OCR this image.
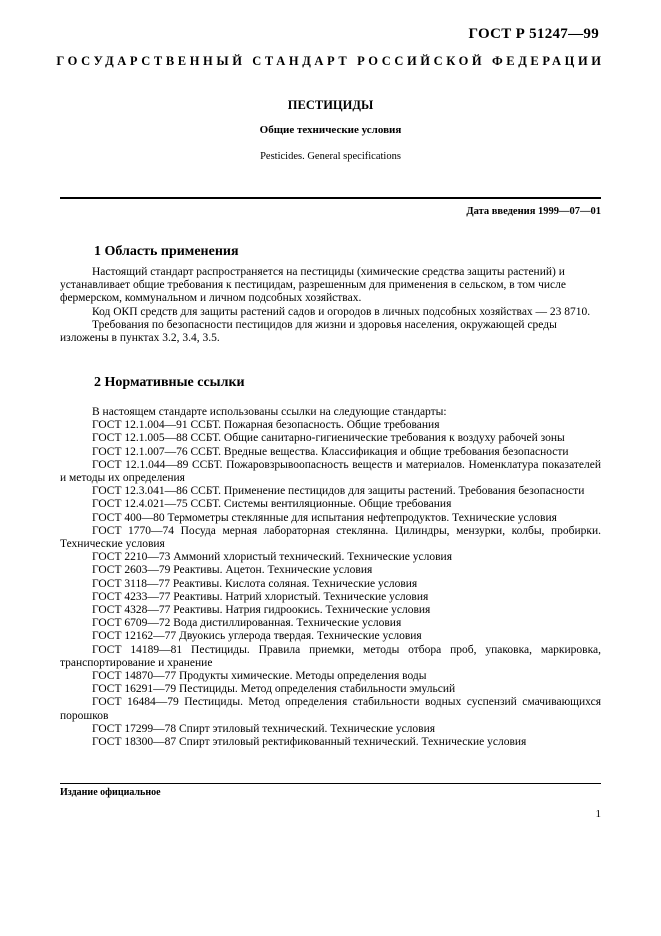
ГОСТ Р 51247—99
ГОСУДАРСТВЕННЫЙ СТАНДАРТ РОССИЙСКОЙ ФЕДЕРАЦИИ
ПЕСТИЦИДЫ
Общие технические условия
Pesticides. General specifications
Дата введения 1999—07—01
1 Область применения

Настоящий стандарт распространяется на пестициды (химические средства защиты растений) и устанавливает общие требования к пестицидам, разрешенным для применения в сельском, в том числе фермерском, коммунальном и личном подсобных хозяйствах.

Код ОКП средств для защиты растений садов и огородов в личных подсобных хозяйствах — 23 8710.

Требования по безопасности пестицидов для жизни и здоровья населения, окружающей среды изложены в пунктах 3.2, 3.4, 3.5.

2 Нормативные ссылки

В настоящем стандарте использованы ссылки на следующие стандарты:

ГОСТ 12.1.004—91 ССБТ. Пожарная безопасность. Общие требования

ГОСТ 12.1.005—88 ССБТ. Общие санитарно-гигиенические требования к воздуху рабочей зоны

ГОСТ 12.1.007—76 ССБТ. Вредные вещества. Классификация и общие требования безопасности

ГОСТ 12.1.044—89 ССБТ. Пожаровзрывоопасность веществ и материалов. Номенклатура показателей и методы их определения

ГОСТ 12.3.041—86 ССБТ. Применение пестицидов для защиты растений. Требования безопасности

ГОСТ 12.4.021—75 ССБТ. Системы вентиляционные. Общие требования

ГОСТ 400—80 Термометры стеклянные для испытания нефтепродуктов. Технические условия

ГОСТ 1770—74 Посуда мерная лабораторная стеклянна. Цилиндры, мензурки, колбы, пробирки. Технические условия

ГОСТ 2210—73 Аммоний хлористый технический. Технические условия

ГОСТ 2603—79 Реактивы. Ацетон. Технические условия

ГОСТ 3118—77 Реактивы. Кислота соляная. Технические условия

ГОСТ 4233—77 Реактивы. Натрий хлористый. Технические условия

ГОСТ 4328—77 Реактивы. Натрия гидроокись. Технические условия

ГОСТ 6709—72 Вода дистиллированная. Технические условия

ГОСТ 12162—77 Двуокись углерода твердая. Технические условия

ГОСТ 14189—81 Пестициды. Правила приемки, методы отбора проб, упаковка, маркировка, транспортирование и хранение

ГОСТ 14870—77 Продукты химические. Методы определения воды

ГОСТ 16291—79 Пестициды. Метод определения стабильности эмульсий

ГОСТ 16484—79 Пестициды. Метод определения стабильности водных суспензий смачивающихся порошков

ГОСТ 17299—78 Спирт этиловый технический. Технические условия

ГОСТ 18300—87 Спирт этиловый ректификованный технический. Технические условия

Издание официальное
1
